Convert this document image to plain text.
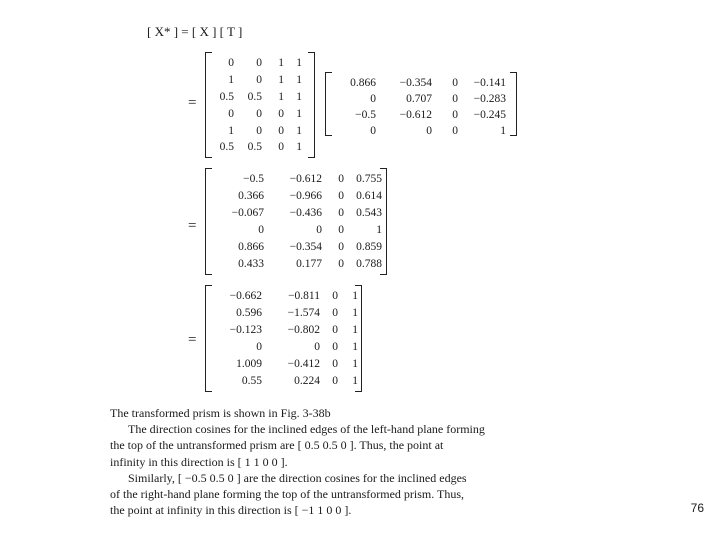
[ X* ] = [ X ] [ T ]
=
0	0	1	1
1	0	1	1
0.5	0.5	1	1
0	0	0	1
1	0	0	1
0.5	0.5	0	1
0.866	−0.354	0	−0.141
0	0.707	0	−0.283
−0.5	−0.612	0	−0.245
0	0	0	1
=
−0.5	−0.612	0	0.755
0.366	−0.966	0	0.614
−0.067	−0.436	0	0.543
0	0	0	1
0.866	−0.354	0	0.859
0.433	0.177	0	0.788
=
−0.662	−0.811	0	1
0.596	−1.574	0	1
−0.123	−0.802	0	1
0	0	0	1
1.009	−0.412	0	1
0.55	0.224	0	1

The transformed prism is shown in Fig. 3-38b

The direction cosines for the inclined edges of the left-hand plane forming

the top of the untransformed prism are [ 0.5 0.5 0 ]. Thus, the point at

infinity in this direction is [ 1 1 0 0 ].

Similarly, [ −0.5 0.5 0 ] are the direction cosines for the inclined edges

of the right-hand plane forming the top of the untransformed prism. Thus,

the point at infinity in this direction is [ −1 1 0 0 ].	76
